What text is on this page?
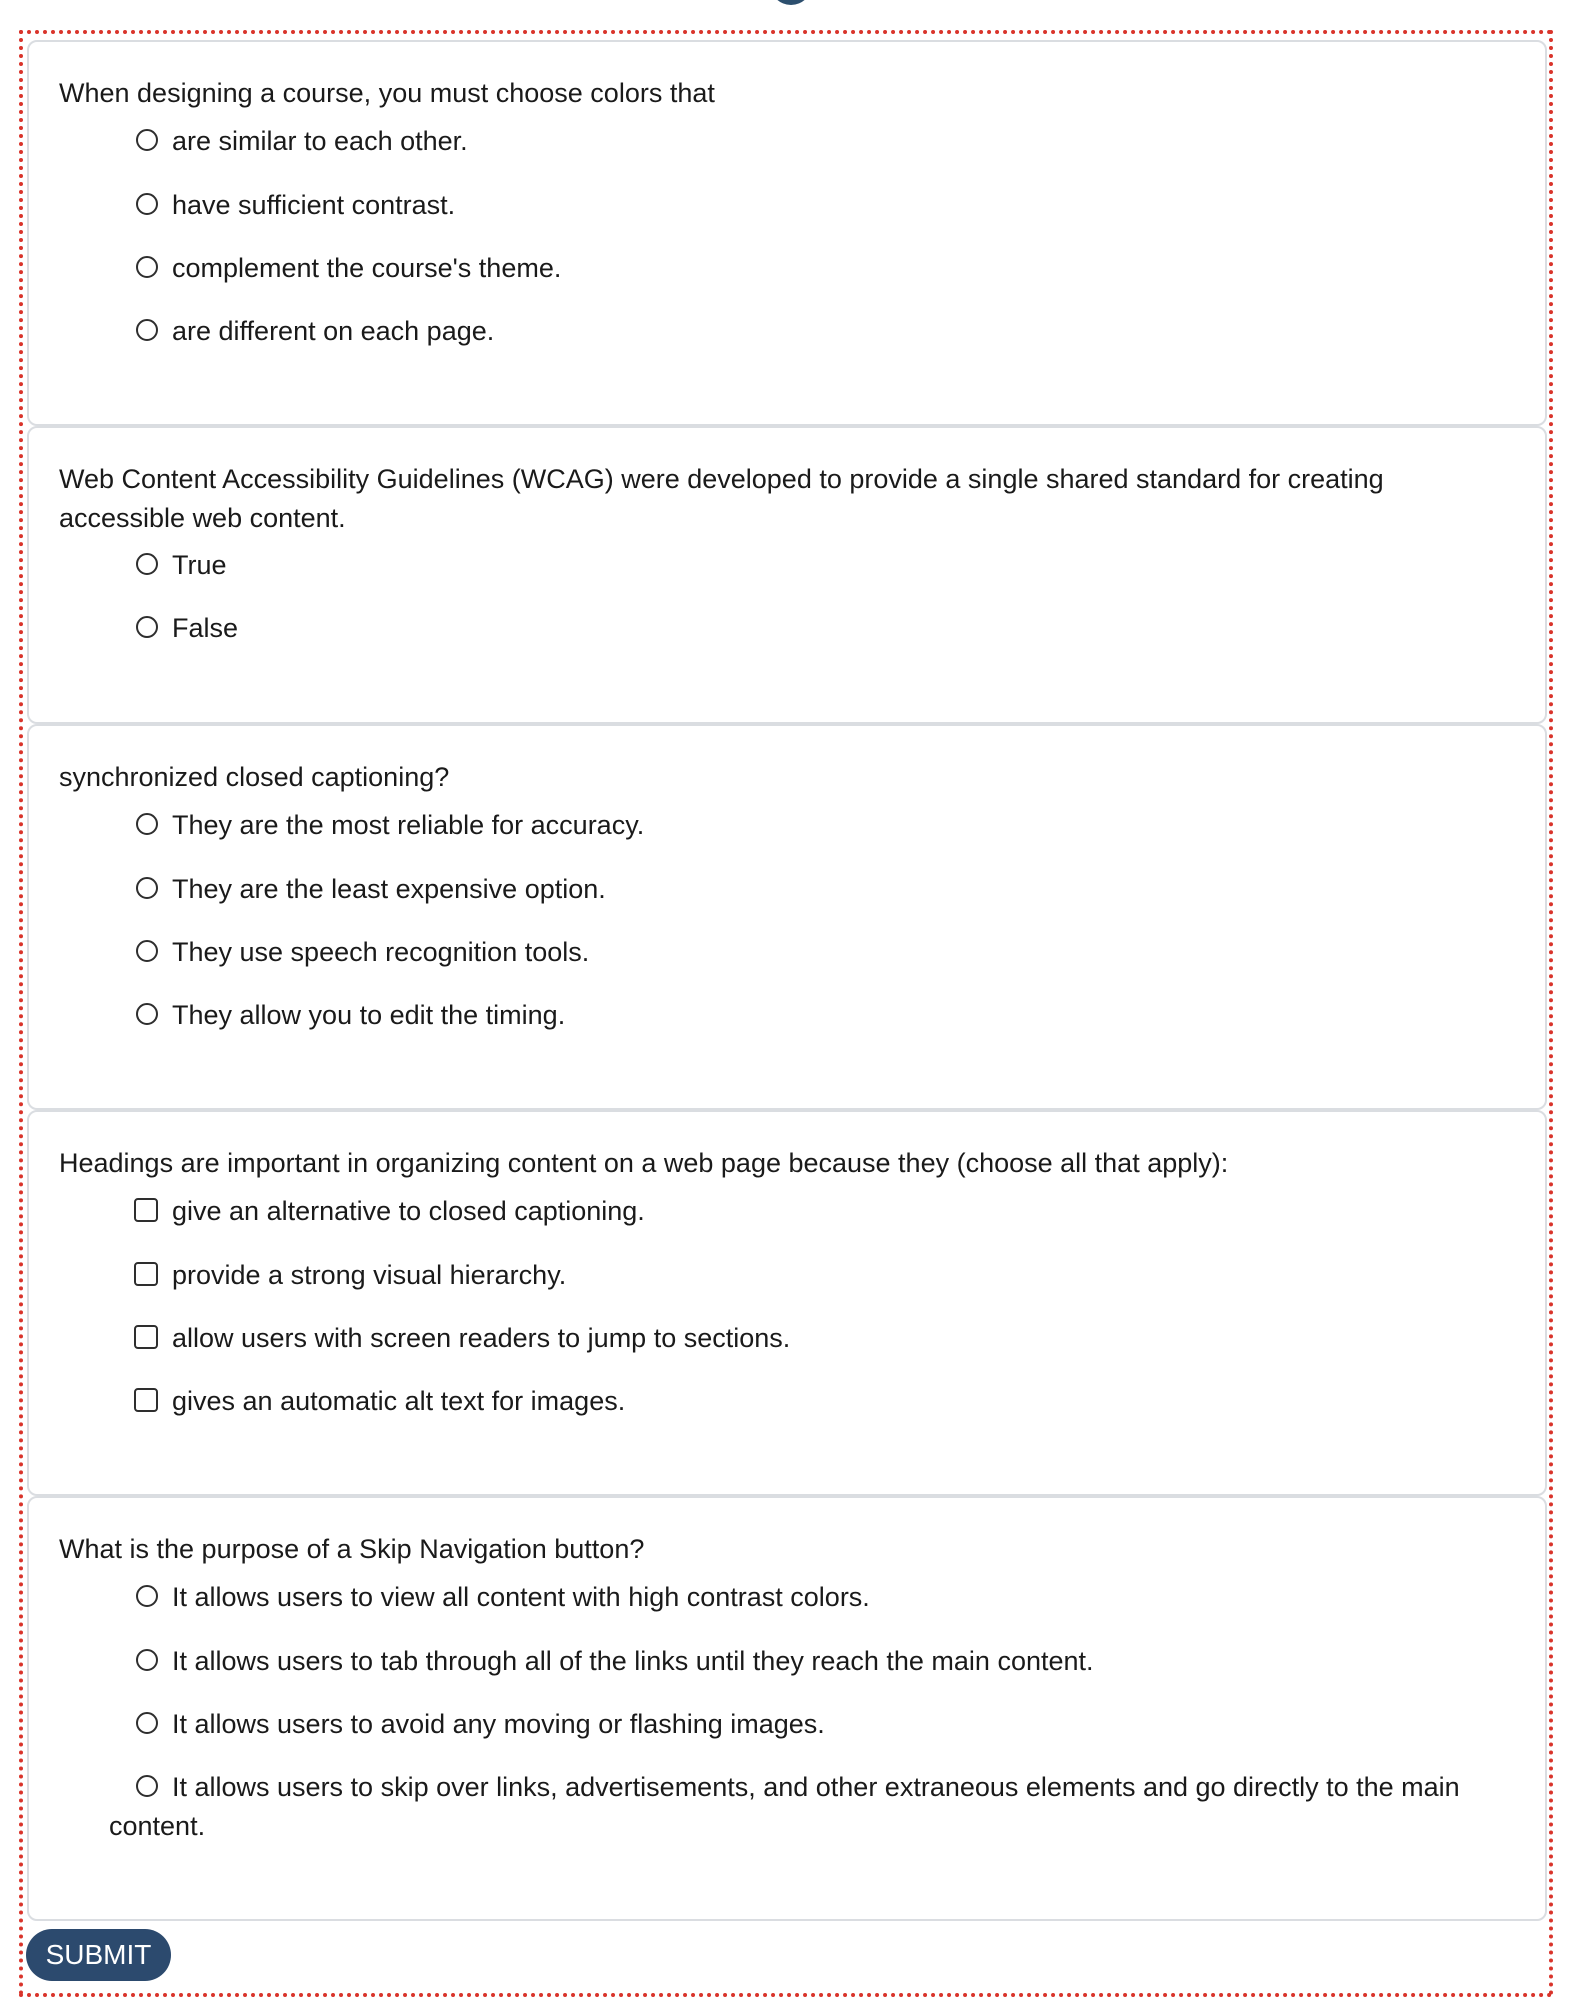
When designing a course, you must choose colors that

are similar to each other.
have sufficient contrast.
complement the course's theme.
are different on each page.

Web Content Accessibility Guidelines (WCAG) were developed to provide a single shared standard for creating accessible web content.

True
False

synchronized closed captioning?

They are the most reliable for accuracy.
They are the least expensive option.
They use speech recognition tools.
They allow you to edit the timing.

Headings are important in organizing content on a web page because they (choose all that apply):

give an alternative to closed captioning.
provide a strong visual hierarchy.
allow users with screen readers to jump to sections.
gives an automatic alt text for images.

What is the purpose of a Skip Navigation button?

It allows users to view all content with high contrast colors.
It allows users to tab through all of the links until they reach the main content.
It allows users to avoid any moving or flashing images.
It allows users to skip over links, advertisements, and other extraneous elements and go directly to the main content.
SUBMIT
